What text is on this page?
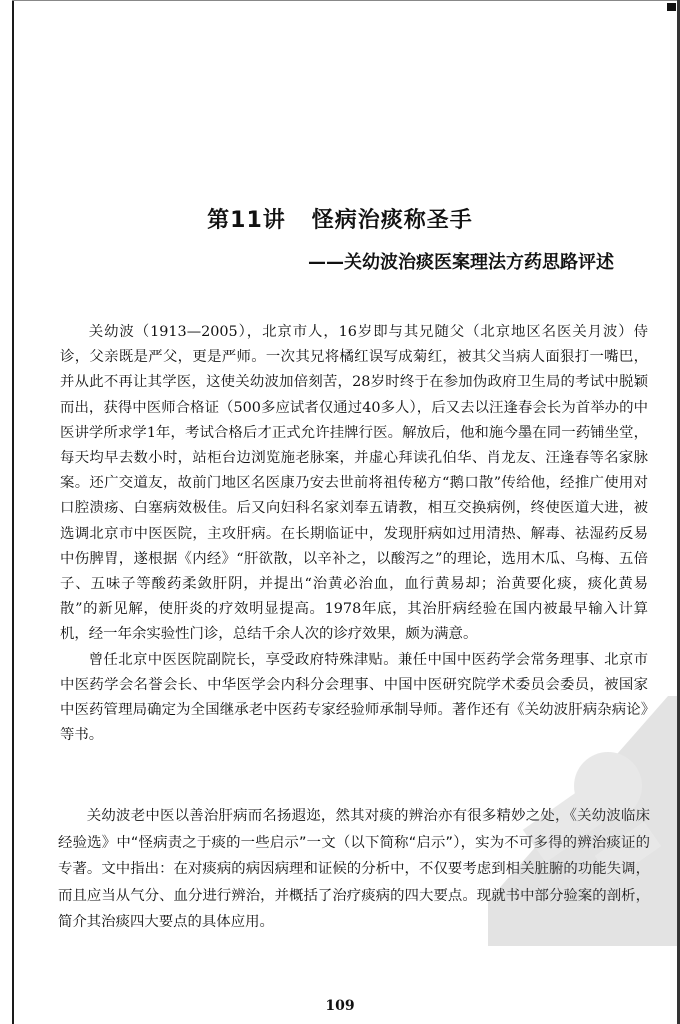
第11讲 怪病治痰称圣手
——关幼波治痰医案理法方药思路评述

关幼波（1913—2005），北京市人，16岁即与其兄随父（北京地区名医关月波）侍诊，父亲既是严父，更是严师。一次其兄将橘红误写成菊红，被其父当病人面狠打一嘴巴，并从此不再让其学医，这使关幼波加倍刻苦，28岁时终于在参加伪政府卫生局的考试中脱颖而出，获得中医师合格证（500多应试者仅通过40多人），后又去以汪逢春会长为首举办的中医讲学所求学1年，考试合格后才正式允许挂牌行医。解放后，他和施今墨在同一药铺坐堂，每天均早去数小时，站柜台边浏览施老脉案，并虚心拜读孔伯华、肖龙友、汪逢春等名家脉案。还广交道友，故前门地区名医康乃安去世前将祖传秘方“鹅口散”传给他，经推广使用对口腔溃疡、白塞病效极佳。后又向妇科名家刘奉五请教，相互交换病例，终使医道大进，被选调北京市中医医院，主攻肝病。在长期临证中，发现肝病如过用清热、解毒、祛湿药反易中伤脾胃，遂根据《内经》“肝欲散，以辛补之，以酸泻之”的理论，选用木瓜、乌梅、五倍子、五味子等酸药柔敛肝阴，并提出“治黄必治血，血行黄易却；治黄要化痰，痰化黄易散”的新见解，使肝炎的疗效明显提高。1978年底，其治肝病经验在国内被最早输入计算机，经一年余实验性门诊，总结千余人次的诊疗效果，颇为满意。

曾任北京中医医院副院长，享受政府特殊津贴。兼任中国中医药学会常务理事、北京市中医药学会名誉会长、中华医学会内科分会理事、中国中医研究院学术委员会委员，被国家中医药管理局确定为全国继承老中医药专家经验师承制导师。著作还有《关幼波肝病杂病论》等书。

关幼波老中医以善治肝病而名扬遐迩，然其对痰的辨治亦有很多精妙之处，《关幼波临床经验选》中“怪病责之于痰的一些启示”一文（以下简称“启示”），实为不可多得的辨治痰证的专著。文中指出：在对痰病的病因病理和证候的分析中，不仅要考虑到相关脏腑的功能失调，而且应当从气分、血分进行辨治，并概括了治疗痰病的四大要点。现就书中部分验案的剖析，简介其治痰四大要点的具体应用。

109
